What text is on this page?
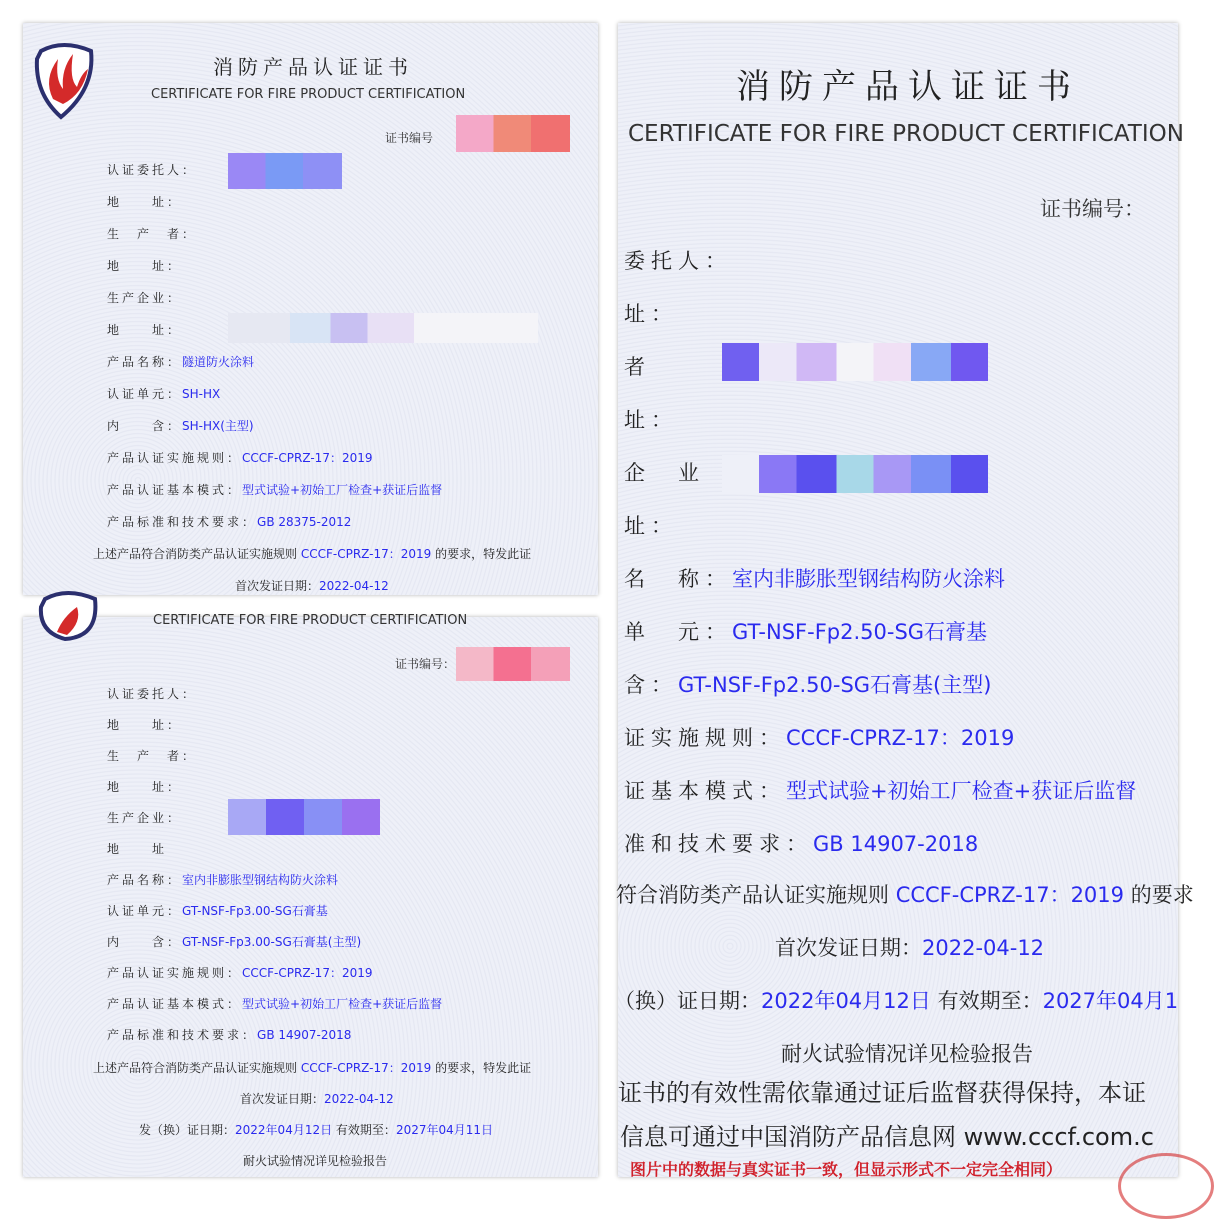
消防产品认证证书
CERTIFICATE FOR FIRE PRODUCT CERTIFICATION
证书编号
认证委托人：
地　　址：
生　产　者：
地　　址：
生产企业：
地　　址：
产品名称：隧道防火涂料
认证单元：SH-HX
内　　含：SH-HX(主型)
产品认证实施规则：CCCF-CPRZ-17：2019
产品认证基本模式：型式试验+初始工厂检查+获证后监督
产品标准和技术要求：GB 28375-2012
上述产品符合消防类产品认证实施规则 CCCF-CPRZ-17：2019 的要求，特发此证
首次发证日期：2022-04-12
CERTIFICATE FOR FIRE PRODUCT CERTIFICATION
证书编号：
认证委托人：
地　　址：
生　产　者：
地　　址：
生产企业：
地　　址
产品名称：室内非膨胀型钢结构防火涂料
认证单元：GT-NSF-Fp3.00-SG石膏基
内　　含：GT-NSF-Fp3.00-SG石膏基(主型)
产品认证实施规则：CCCF-CPRZ-17：2019
产品认证基本模式：型式试验+初始工厂检查+获证后监督
产品标准和技术要求：GB 14907-2018
上述产品符合消防类产品认证实施规则 CCCF-CPRZ-17：2019 的要求，特发此证
首次发证日期：2022-04-12
发（换）证日期：2022年04月12日 有效期至：2027年04月11日
耐火试验情况详见检验报告
消防产品认证证书
CERTIFICATE FOR FIRE PRODUCT CERTIFICATION
证书编号：
委托人：
址：
者
址：
企　业
址：
名　称：室内非膨胀型钢结构防火涂料
单　元：GT-NSF-Fp2.50-SG石膏基
含：GT-NSF-Fp2.50-SG石膏基(主型)
证实施规则：CCCF-CPRZ-17：2019
证基本模式：型式试验+初始工厂检查+获证后监督
准和技术要求：GB 14907-2018
符合消防类产品认证实施规则 CCCF-CPRZ-17：2019 的要求
首次发证日期：2022-04-12
（换）证日期：2022年04月12日 有效期至：2027年04月1
耐火试验情况详见检验报告
证书的有效性需依靠通过证后监督获得保持，本证
信息可通过中国消防产品信息网 www.cccf.com.c
图片中的数据与真实证书一致，但显示形式不一定完全相同）
